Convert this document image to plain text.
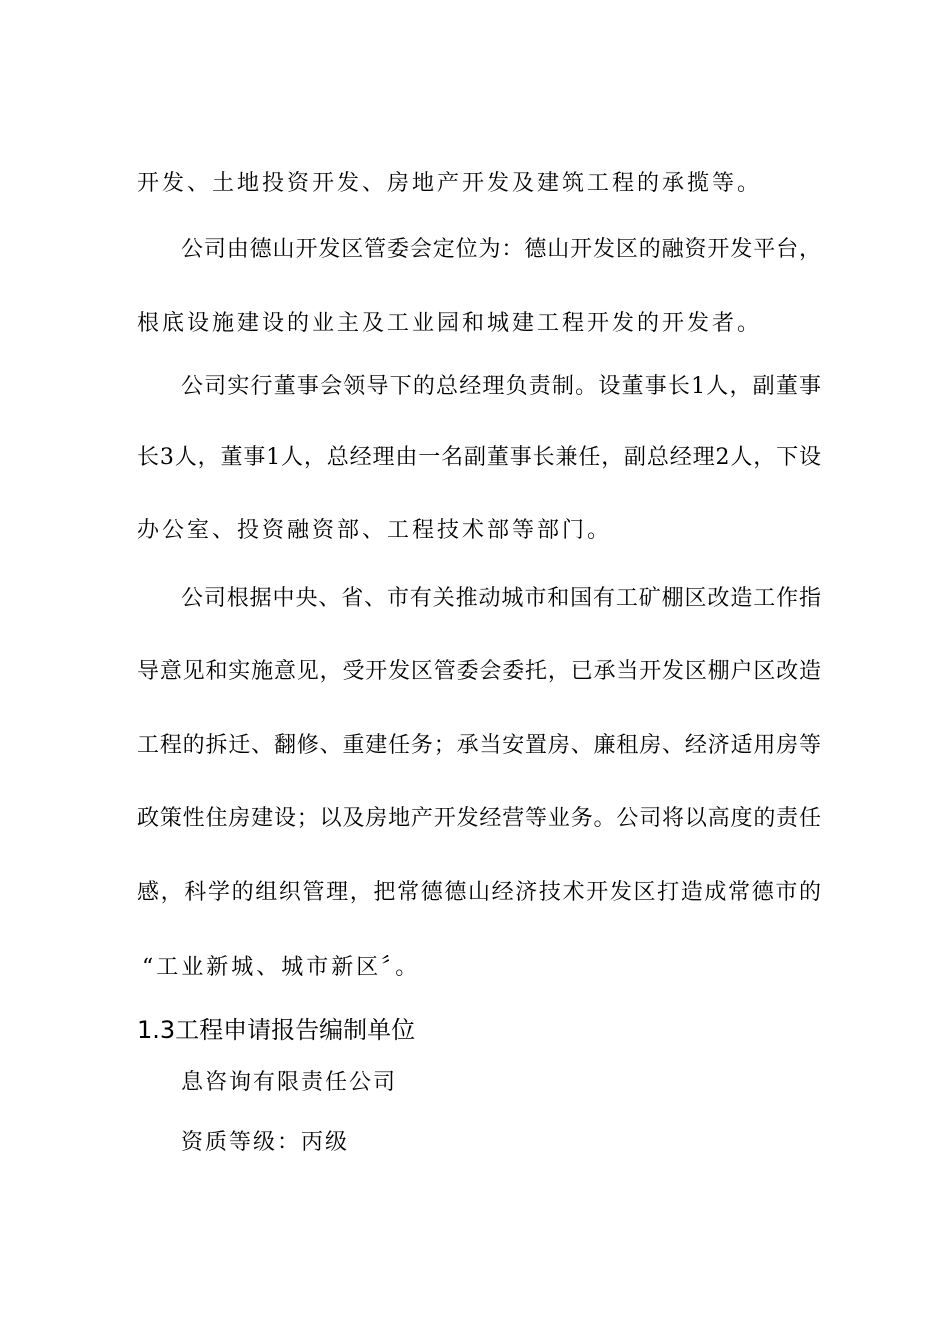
开发、土地投资开发、房地产开发及建筑工程的承揽等。
公司由德山开发区管委会定位为：德山开发区的融资开发平台，
根底设施建设的业主及工业园和城建工程开发的开发者。
公司实行董事会领导下的总经理负责制。设董事长1人，副董事
长3人，董事1人，总经理由一名副董事长兼任，副总经理2人，下设
办公室、投资融资部、工程技术部等部门。
公司根据中央、省、市有关推动城市和国有工矿棚区改造工作指
导意见和实施意见，受开发区管委会委托，已承当开发区棚户区改造
工程的拆迁、翻修、重建任务；承当安置房、廉租房、经济适用房等
政策性住房建设；以及房地产开发经营等业务。公司将以高度的责任
感，科学的组织管理，把常德德山经济技术开发区打造成常德市的
“工业新城、城市新区〞。
1.3工程申请报告编制单位
息咨询有限责任公司
资质等级：丙级
